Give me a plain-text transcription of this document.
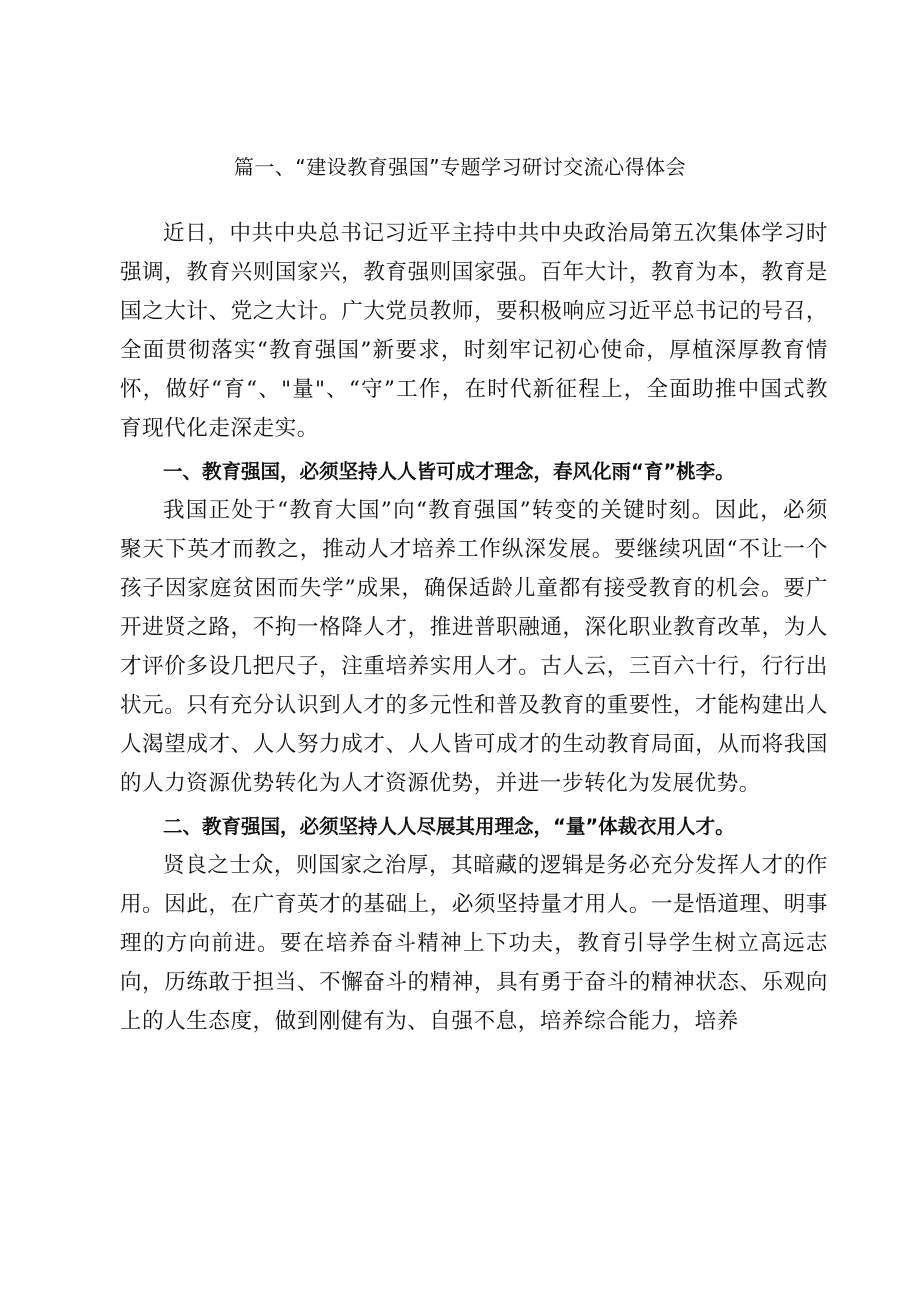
篇一、“建设教育强国”专题学习研讨交流心得体会

近日，中共中央总书记习近平主持中共中央政治局第五次集体学习时强调，教育兴则国家兴，教育强则国家强。百年大计，教育为本，教育是国之大计、党之大计。广大党员教师，要积极响应习近平总书记的号召，全面贯彻落实“教育强国”新要求，时刻牢记初心使命，厚植深厚教育情怀，做好“育“、"量"、“守”工作，在时代新征程上，全面助推中国式教育现代化走深走实。

一、教育强国，必须坚持人人皆可成才理念，春风化雨“育”桃李。

我国正处于“教育大国”向“教育强国”转变的关键时刻。因此，必须聚天下英才而教之，推动人才培养工作纵深发展。要继续巩固“不让一个孩子因家庭贫困而失学”成果，确保适龄儿童都有接受教育的机会。要广开进贤之路，不拘一格降人才，推进普职融通，深化职业教育改革，为人才评价多设几把尺子，注重培养实用人才。古人云，三百六十行，行行出状元。只有充分认识到人才的多元性和普及教育的重要性，才能构建出人人渴望成才、人人努力成才、人人皆可成才的生动教育局面，从而将我国的人力资源优势转化为人才资源优势，并进一步转化为发展优势。

二、教育强国，必须坚持人人尽展其用理念，“量”体裁衣用人才。

贤良之士众，则国家之治厚，其暗藏的逻辑是务必充分发挥人才的作用。因此，在广育英才的基础上，必须坚持量才用人。一是悟道理、明事理的方向前进。要在培养奋斗精神上下功夫，教育引导学生树立高远志向，历练敢于担当、不懈奋斗的精神，具有勇于奋斗的精神状态、乐观向上的人生态度，做到刚健有为、自强不息，培养综合能力，培养
